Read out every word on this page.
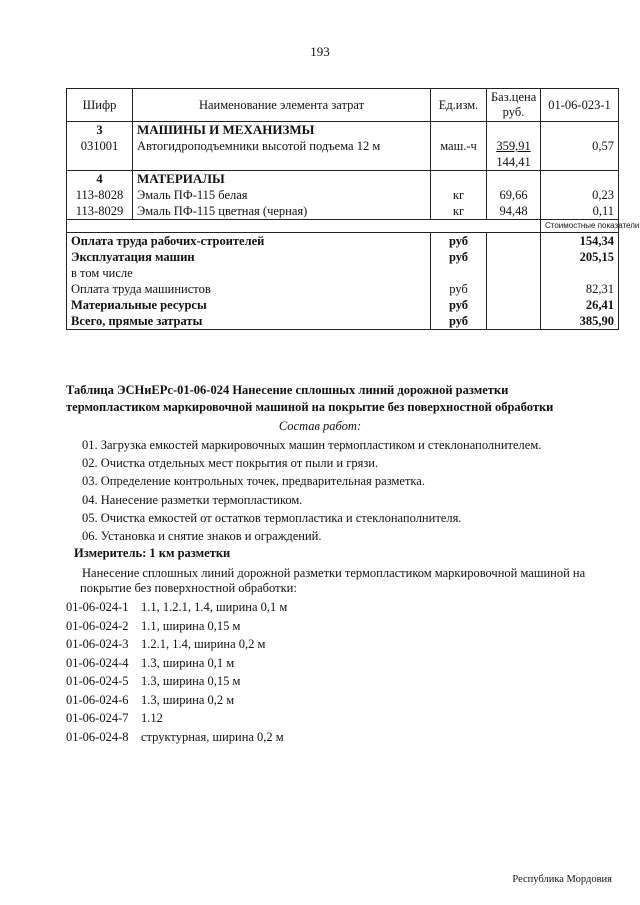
193
Шифр	Наименование элемента затрат	Ед.изм.	Баз.цена
руб.	01-06-023-1
3	МАШИНЫ И МЕХАНИЗМЫ			
031001	Автогидроподъемники высотой подъема 12 м	маш.-ч	359,91	0,57
			144,41	
4	МАТЕРИАЛЫ			
113-8028	Эмаль ПФ-115 белая	кг	69,66	0,23
113-8029	Эмаль ПФ-115 цветная (черная)	кг	94,48	0,11
				Стоимостные показатели
Оплата труда рабочих-строителей		руб		154,34
Эксплуатация машин		руб		205,15
в том числе				
Оплата труда машинистов		руб		82,31
Материальные ресурсы		руб		26,41
Всего, прямые затраты		руб		385,90
Таблица ЭСНиЕРс-01-06-024 Нанесение сплошных линий дорожной разметки
термопластиком маркировочной машиной на покрытие без поверхностной обработки
Состав работ:
01. Загрузка емкостей маркировочных машин термопластиком и стеклонаполнителем.
02. Очистка отдельных мест покрытия от пыли и грязи.
03. Определение контрольных точек, предварительная разметка.
04. Нанесение разметки термопластиком.
05. Очистка емкостей от остатков термопластика и стеклонаполнителя.
06. Установка и снятие знаков и ограждений.
Измеритель: 1 км разметки
Нанесение сплошных линий дорожной разметки термопластиком маркировочной машиной на
покрытие без поверхностной обработки:
01-06-024-1 1.1, 1.2.1, 1.4, ширина 0,1 м
01-06-024-2 1.1, ширина 0,15 м
01-06-024-3 1.2.1, 1.4, ширина 0,2 м
01-06-024-4 1.3, ширина 0,1 м
01-06-024-5 1.3, ширина 0,15 м
01-06-024-6 1.3, ширина 0,2 м
01-06-024-7 1.12
01-06-024-8 структурная, ширина 0,2 м
Республика Мордовия
